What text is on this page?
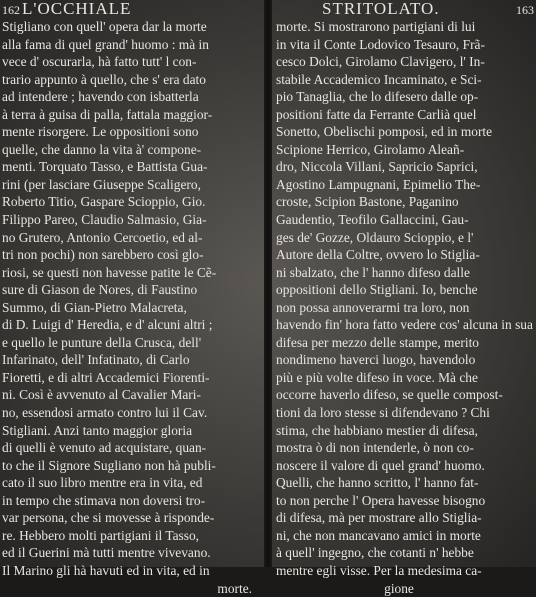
162 L'OCCHIALE
Stigliano con quell' opera dar la morte
alla fama di quel grand' huomo : mà in
vece d' oscurarla, hà fatto tutt' l con-
trario appunto à quello, che s' era dato
ad intendere ; havendo con isbatterla
à terra à guisa di palla, fattala maggior-
mente risorgere. Le oppositioni sono
quelle, che danno la vita à' compone-
menti. Torquato Tasso, e Battista Gua-
rini (per lasciare Giuseppe Scaligero,
Roberto Titio, Gaspare Scioppio, Gio.
Filippo Pareo, Claudio Salmasio, Gia-
no Grutero, Antonio Cercoetio, ed al-
tri non pochi) non sarebbero così glo-
riosi, se questi non havesse patite le Cẽ-
sure di Giason de Nores, di Faustino
Summo, di Gian-Pietro Malacreta,
di D. Luigi d' Heredia, e d' alcuni altri ;
e quello le punture della Crusca, dell'
Infarinato, dell' Infatinato, di Carlo
Fioretti, e di altri Accademici Fiorenti-
ni. Così è avvenuto al Cavalier Mari-
no, essendosi armato contro lui il Cav.
Stigliani. Anzi tanto maggior gloria
di quelli è venuto ad acquistare, quan-
to che il Signore Sugliano non hà publi-
cato il suo libro mentre era in vita, ed
in tempo che stimava non doversi tro-
var persona, che si movesse à risponde-
re. Hebbero molti partigiani il Tasso,
ed il Guerini mà tutti mentre vivevano.
Il Marino gli hà havuti ed in vita, ed in
morte.
STRITOLATO.	163
morte. Si mostrarono partigiani di lui
in vita il Conte Lodovico Tesauro, Frã-
cesco Dolci, Girolamo Clavigero, l' In-
stabile Accademico Incaminato, e Sci-
pio Tanaglia, che lo difesero dalle op-
positioni fatte da Ferrante Carlià quel
Sonetto, Obelischi pomposi, ed in morte
Scipione Herrico, Girolamo Aleañ-
dro, Niccola Villani, Sapricio Saprici,
Agostino Lampugnani, Epimelio The-
croste, Scipion Bastone, Paganino
Gaudentio, Teofilo Gallaccini, Gau-
ges de' Gozze, Oldauro Scioppio, e l'
Autore della Coltre, ovvero lo Stiglia-
ni sbalzato, che l' hanno difeso dalle
oppositioni dello Stigliani. Io, benche
non possa annoverarmi tra loro, non
havendo fin' hora fatto vedere cos' alcuna in sua
difesa per mezzo delle stampe, merito
nondimeno haverci luogo, havendolo
più e più volte difeso in voce. Mà che
occorre haverlo difeso, se quelle compost-
tioni da loro stesse si difendevano ? Chi
stima, che habbiano mestier di difesa,
mostra ò di non intenderle, ò non co-
noscere il valore di quel grand' huomo.
Quelli, che hanno scritto, l' hanno fat-
to non perche l' Opera havesse bisogno
di difesa, mà per mostrare allo Stiglia-
ni, che non mancavano amici in morte
à quell' ingegno, che cotanti n' hebbe
mentre egli visse. Per la medesima ca-
gione
